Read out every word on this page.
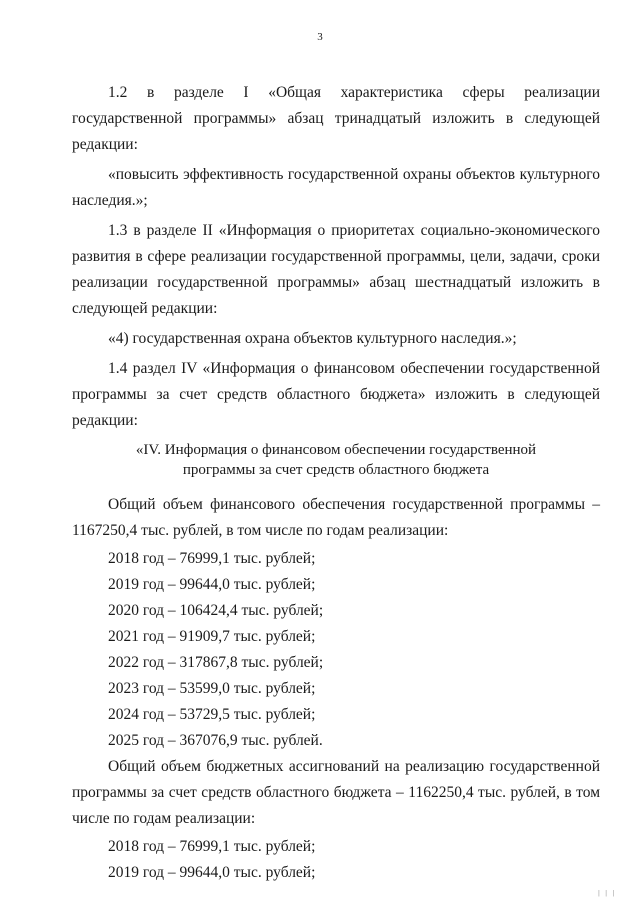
3

1.2 в разделе I «Общая характеристика сферы реализации государственной программы» абзац тринадцатый изложить в следующей редакции:

«повысить эффективность государственной охраны объектов культурного наследия.»;

1.3 в разделе II «Информация о приоритетах социально-экономического развития в сфере реализации государственной программы, цели, задачи, сроки реализации государственной программы» абзац шестнадцатый изложить в следующей редакции:

«4) государственная охрана объектов культурного наследия.»;

1.4 раздел IV «Информация о финансовом обеспечении государственной программы за счет средств областного бюджета» изложить в следующей редакции:

«IV. Информация о финансовом обеспечении государственной
программы за счет средств областного бюджета

Общий объем финансового обеспечения государственной программы – 1167250,4 тыс. рублей, в том числе по годам реализации:

2018 год – 76999,1 тыс. рублей;

2019 год – 99644,0 тыс. рублей;

2020 год – 106424,4 тыс. рублей;

2021 год – 91909,7 тыс. рублей;

2022 год – 317867,8 тыс. рублей;

2023 год – 53599,0 тыс. рублей;

2024 год – 53729,5 тыс. рублей;

2025 год – 367076,9 тыс. рублей.

Общий объем бюджетных ассигнований на реализацию государственной программы за счет средств областного бюджета – 1162250,4 тыс. рублей, в том числе по годам реализации:

2018 год – 76999,1 тыс. рублей;

2019 год – 99644,0 тыс. рублей;

| | |
